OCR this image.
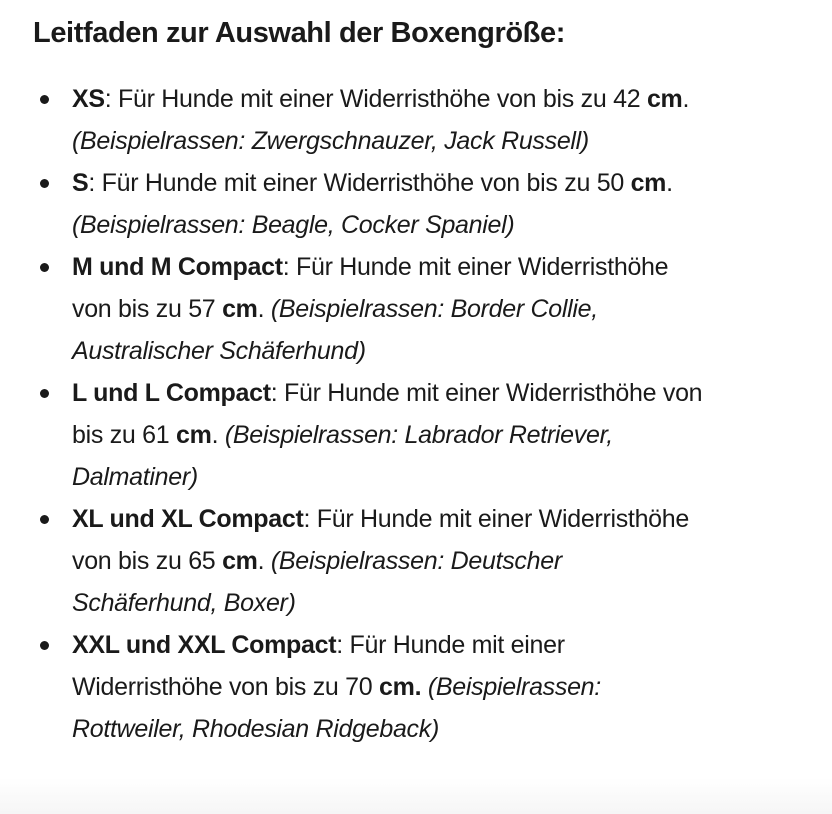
Leitfaden zur Auswahl der Boxengröße:
XS: Für Hunde mit einer Widerristhöhe von bis zu 42 cm.
(Beispielrassen: Zwergschnauzer, Jack Russell)
S: Für Hunde mit einer Widerristhöhe von bis zu 50 cm.
(Beispielrassen: Beagle, Cocker Spaniel)
M und M Compact: Für Hunde mit einer Widerristhöhe
von bis zu 57 cm. (Beispielrassen: Border Collie,
Australischer Schäferhund)
L und L Compact: Für Hunde mit einer Widerristhöhe von
bis zu 61 cm. (Beispielrassen: Labrador Retriever,
Dalmatiner)
XL und XL Compact: Für Hunde mit einer Widerristhöhe
von bis zu 65 cm. (Beispielrassen: Deutscher
Schäferhund, Boxer)
XXL und XXL Compact: Für Hunde mit einer
Widerristhöhe von bis zu 70 cm. (Beispielrassen:
Rottweiler, Rhodesian Ridgeback)
